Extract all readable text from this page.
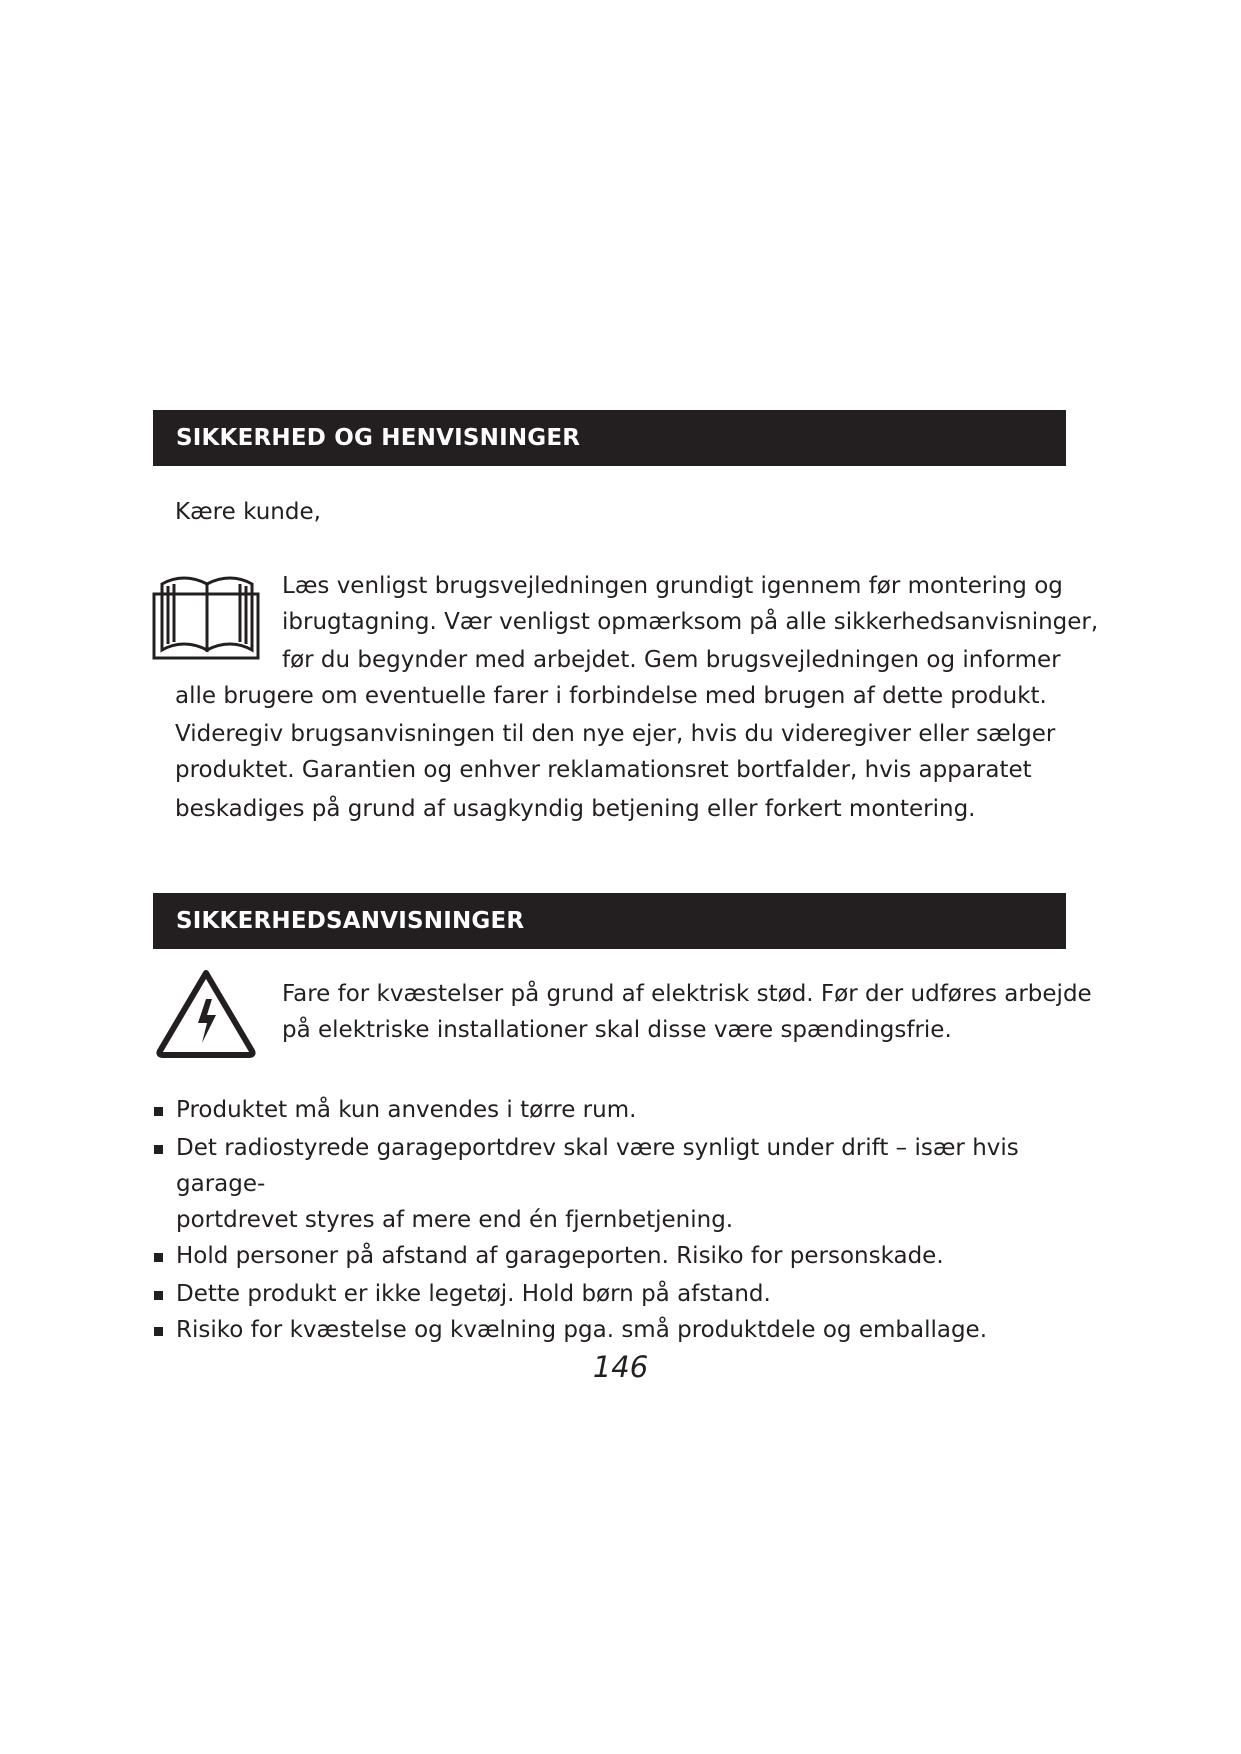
SIKKERHED OG HENVISNINGER
Kære kunde,
Læs venligst brugsvejledningen grundigt igennem før montering og
ibrugtagning. Vær venligst opmærksom på alle sikkerhedsanvisninger,
før du begynder med arbejdet. Gem brugsvejledningen og informer
alle brugere om eventuelle farer i forbindelse med brugen af dette produkt.
Videregiv brugsanvisningen til den nye ejer, hvis du videregiver eller sælger
produktet. Garantien og enhver reklamationsret bortfalder, hvis apparatet
beskadiges på grund af usagkyndig betjening eller forkert montering.
SIKKERHEDSANVISNINGER
Fare for kvæstelser på grund af elektrisk stød. Før der udføres arbejde
på elektriske installationer skal disse være spændingsfrie.
Produktet må kun anvendes i tørre rum.
Det radiostyrede garageportdrev skal være synligt under drift – især hvis garage-
portdrevet styres af mere end én fjernbetjening.
Hold personer på afstand af garageporten. Risiko for personskade.
Dette produkt er ikke legetøj. Hold børn på afstand.
Risiko for kvæstelse og kvælning pga. små produktdele og emballage.
146
